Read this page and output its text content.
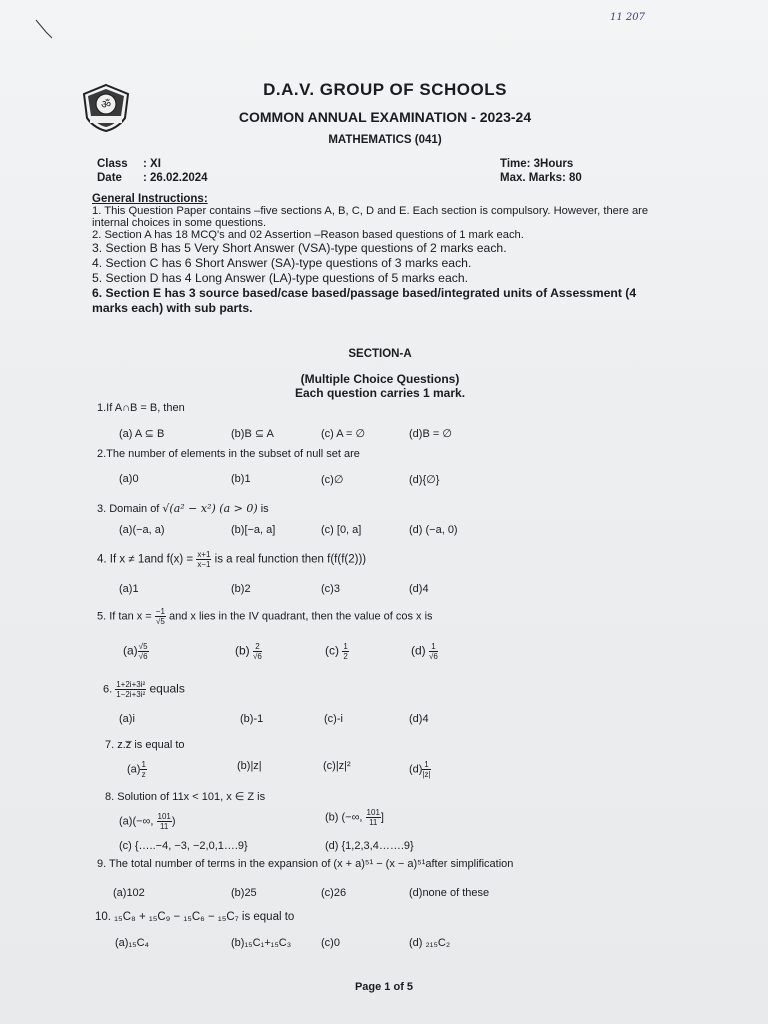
11 207
ॐ
D.A.V. GROUP OF SCHOOLS
COMMON ANNUAL EXAMINATION - 2023-24
MATHEMATICS (041)
Class : XI
Date : 26.02.2024
Time: 3Hours
Max. Marks: 80
General Instructions:

1. This Question Paper contains –five sections A, B, C, D and E. Each section is compulsory. However, there are internal choices in some questions.

2. Section A has 18 MCQ's and 02 Assertion –Reason based questions of 1 mark each.

3. Section B has 5 Very Short Answer (VSA)-type questions of 2 marks each.

4. Section C has 6 Short Answer (SA)-type questions of 3 marks each.

5. Section D has 4 Long Answer (LA)-type questions of 5 marks each.

6. Section E has 3 source based/case based/passage based/integrated units of Assessment (4 marks each) with sub parts.

SECTION-A
(Multiple Choice Questions)
Each question carries 1 mark.
1.If A∩B = B, then
(a) A ⊆ B	(b)B ⊆ A	(c) A = ∅	(d)B = ∅
2.The number of elements in the subset of null set are
(a)0	(b)1	(c)∅	(d){∅}
3. Domain of √(a² − x²) (a > 0) is
(a)(−a, a)	(b)[−a, a]	(c) [0, a]	(d) (−a, 0)
4. If x ≠ 1and $f(x) = \frac{x+1}{x-1}$ is a real function then f(f(f(2)))
(a)1	(b)2	(c)3	(d)4
5. If $\tan x = \frac{-1}{√5}$ and x lies in the IV quadrant, then the value of cos x is
$(a) \frac{√5}{√6}$	$(b) \frac{2}{√6}$	$(c) \frac{1}{2}$	$(d) \frac{1}{√6}$
6. $\frac{\text{1+2i+3i²}}{\text{1−2i+3i²}}$ equals
(a)i	(b)-1	(c)-i	(d)4
7. z.z̅ is equal to
$(a) \frac{1}{z}$	(b)|z|	(c)|z|²	$(d) \frac{1}{|z|}$
8. Solution of 11x < 101, x ∈ Z is
(a)(−∞, $\frac{101}{11}$ )	(b) (−∞, $\frac{101}{11}$ ]
(c) {…..−4, −3, −2,0,1….9}	(d) {1,2,3,4…….9}
9. The total number of terms in the expansion of (x + a)⁵¹ − (x − a)⁵¹after simplification
(a)102	(b)25	(c)26	(d)none of these
10. ₁₅C₈ + ₁₅C₉ − ₁₅C₆ − ₁₅C₇ is equal to
(a)₁₅C₄	(b)₁₅C₁+₁₅C₃	(c)0	(d) ₂₁₅C₂
Page 1 of 5
